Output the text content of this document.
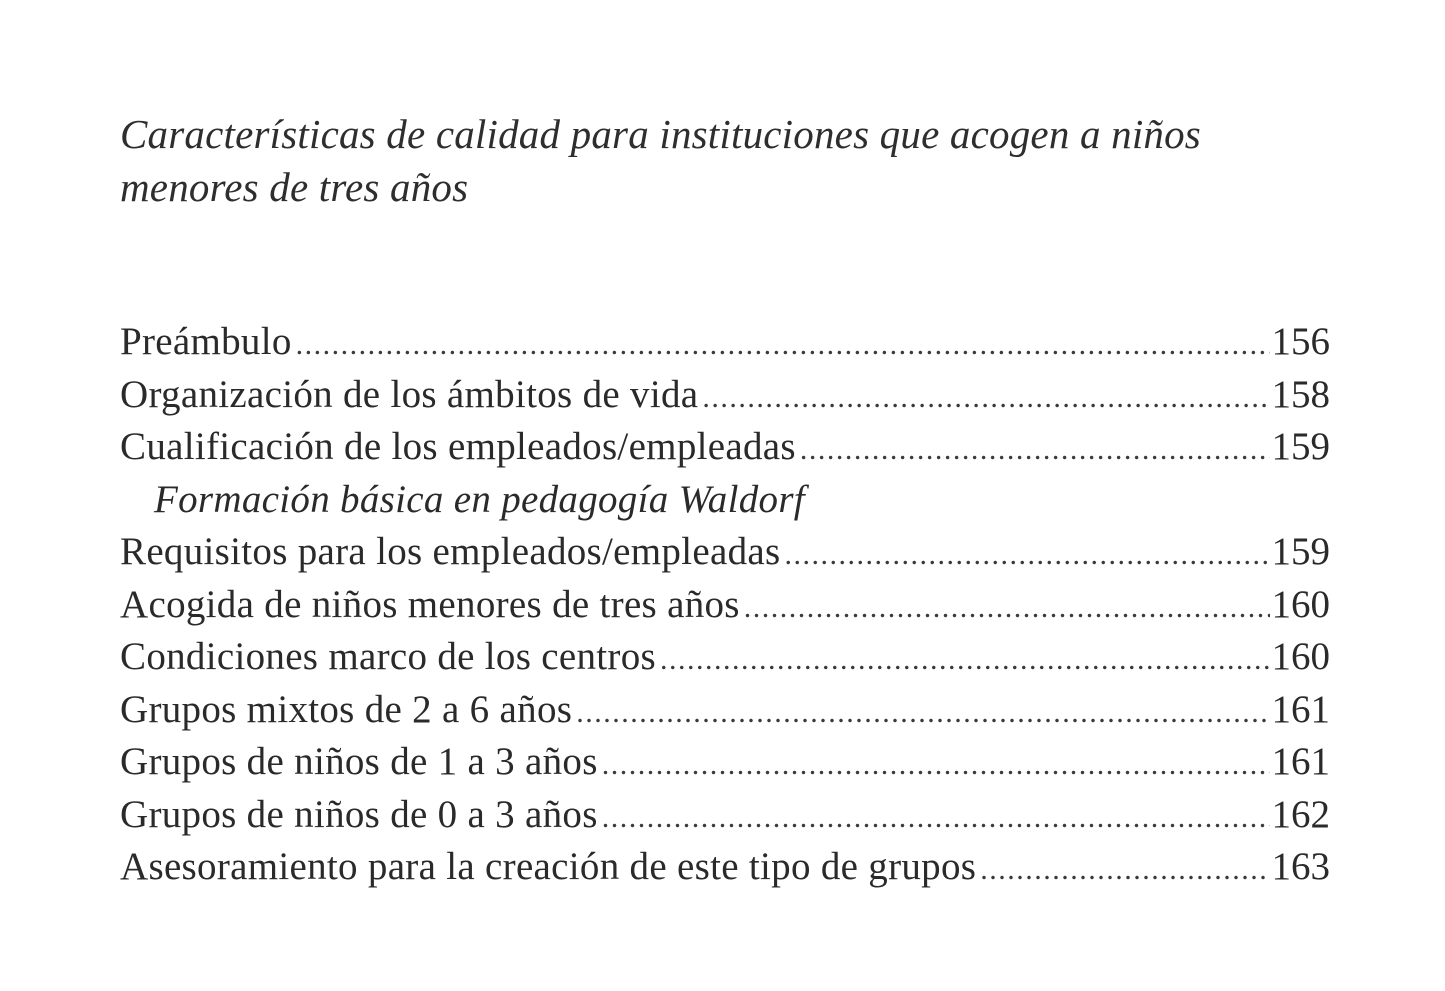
Características de calidad para instituciones que acogen a niños
menores de tres años
Preámbulo .....	156
Organización de los ámbitos de vida .....	158
Cualificación de los empleados/empleadas .....	159
Formación básica en pedagogía Waldorf
Requisitos para los empleados/empleadas .....	159
Acogida de niños menores de tres años .....	160
Condiciones marco de los centros .....	160
Grupos mixtos de 2 a 6 años .....	161
Grupos de niños de 1 a 3 años .....	161
Grupos de niños de 0 a 3 años .....	162
Asesoramiento para la creación de este tipo de grupos .....	163
